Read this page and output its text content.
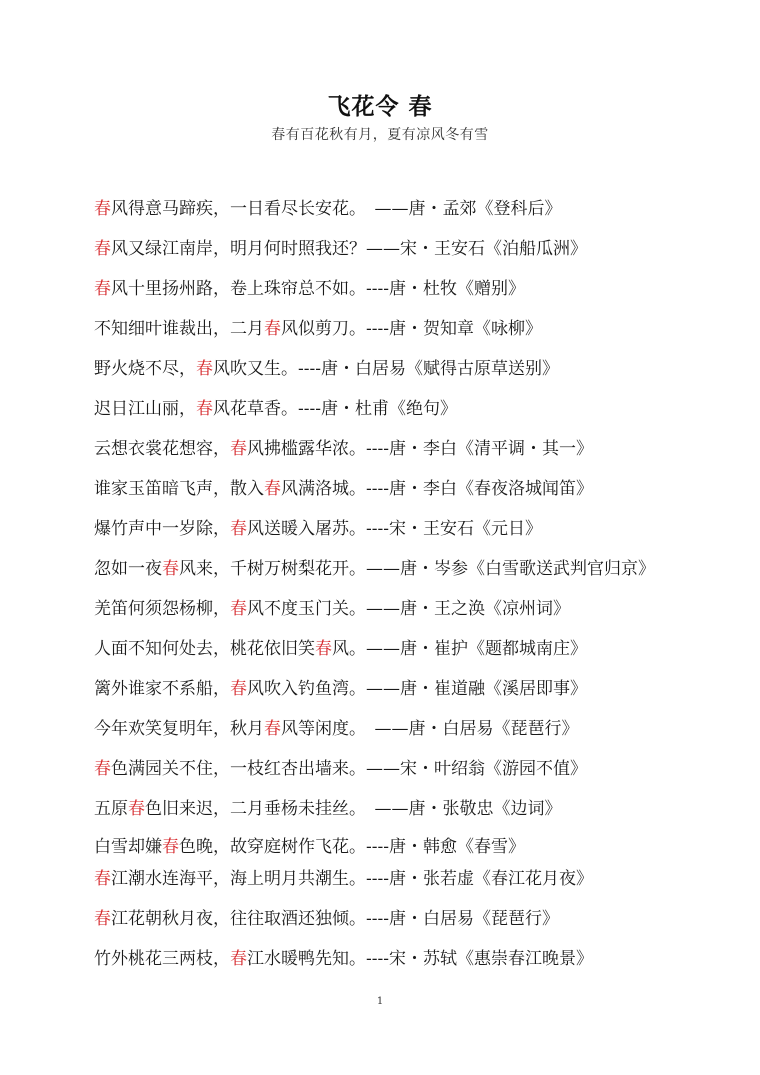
飞花令 春
春有百花秋有月，夏有凉风冬有雪
春风得意马蹄疾，一日看尽长安花。　——唐・孟郊《登科后》
春风又绿江南岸，明月何时照我还？——宋・王安石《泊船瓜洲》
春风十里扬州路，卷上珠帘总不如。----唐・杜牧《赠别》
不知细叶谁裁出，二月春风似剪刀。----唐・贺知章《咏柳》
野火烧不尽，春风吹又生。----唐・白居易《赋得古原草送别》
迟日江山丽，春风花草香。----唐・杜甫《绝句》
云想衣裳花想容，春风拂槛露华浓。----唐・李白《清平调・其一》
谁家玉笛暗飞声，散入春风满洛城。----唐・李白《春夜洛城闻笛》
爆竹声中一岁除，春风送暖入屠苏。----宋・王安石《元日》
忽如一夜春风来，千树万树梨花开。——唐・岑参《白雪歌送武判官归京》
羌笛何须怨杨柳，春风不度玉门关。——唐・王之涣《凉州词》
人面不知何处去，桃花依旧笑春风。——唐・崔护《题都城南庄》
篱外谁家不系船，春风吹入钓鱼湾。——唐・崔道融《溪居即事》
今年欢笑复明年，秋月春风等闲度。　——唐・白居易《琵琶行》
春色满园关不住，一枝红杏出墙来。——宋・叶绍翁《游园不值》
五原春色旧来迟，二月垂杨未挂丝。　——唐・张敬忠《边词》
白雪却嫌春色晚，故穿庭树作飞花。----唐・韩愈《春雪》
春江潮水连海平，海上明月共潮生。----唐・张若虚《春江花月夜》
春江花朝秋月夜，往往取酒还独倾。----唐・白居易《琵琶行》
竹外桃花三两枝，春江水暖鸭先知。----宋・苏轼《惠崇春江晚景》
1
